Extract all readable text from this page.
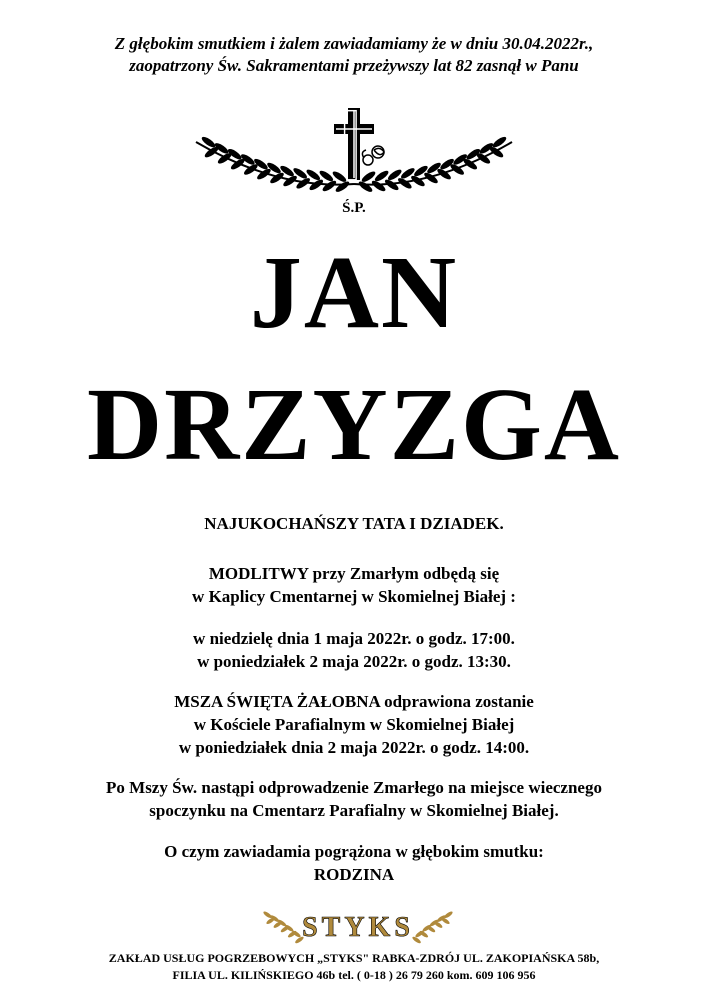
Z głębokim smutkiem i żalem zawiadamiamy że w dniu 30.04.2022r.,
zaopatrzony Św. Sakramentami przeżywszy lat 82 zasnął w Panu
Ś.P.
JAN
DRZYZGA
NAJUKOCHAŃSZY TATA I DZIADEK.
MODLITWY przy Zmarłym odbędą się
w Kaplicy Cmentarnej w Skomielnej Białej :
w niedzielę dnia 1 maja 2022r. o godz. 17:00.
w poniedziałek 2 maja 2022r. o godz. 13:30.
MSZA ŚWIĘTA ŻAŁOBNA odprawiona zostanie
w Kościele Parafialnym w Skomielnej Białej
w poniedziałek dnia 2 maja 2022r. o godz. 14:00.
Po Mszy Św. nastąpi odprowadzenie Zmarłego na miejsce wiecznego
spoczynku na Cmentarz Parafialny w Skomielnej Białej.
O czym zawiadamia pogrążona w głębokim smutku:
RODZINA
STYKS
ZAKŁAD USŁUG POGRZEBOWYCH „STYKS" RABKA-ZDRÓJ UL. ZAKOPIAŃSKA 58b,
FILIA UL. KILIŃSKIEGO 46b tel. ( 0-18 ) 26 79 260 kom. 609 106 956
